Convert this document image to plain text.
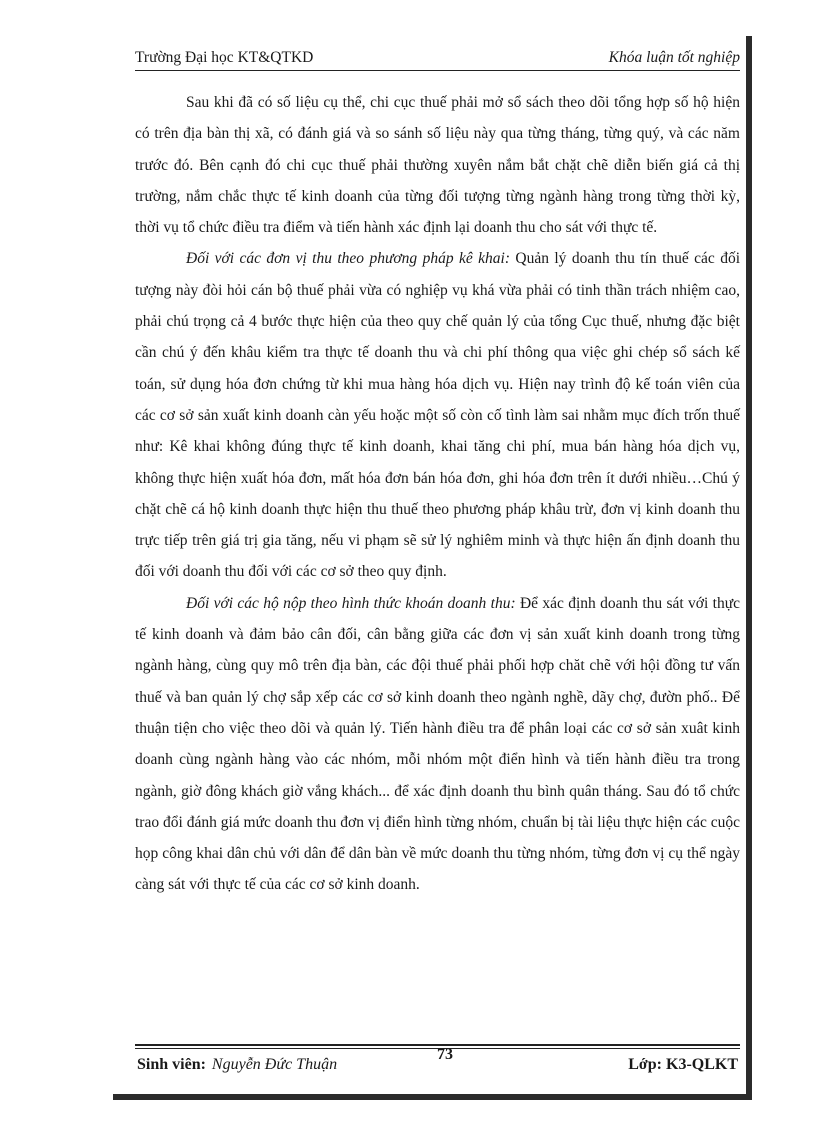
Trường Đại học KT&QTKD	Khóa luận tốt nghiệp

Sau khi đã có số liệu cụ thể, chi cục thuế phải mở sổ sách theo dõi tổng hợp số hộ hiện có trên địa bàn thị xã, có đánh giá và so sánh số liệu này qua từng tháng, từng quý, và các năm trước đó. Bên cạnh đó chi cục thuế phải thường xuyên nắm bắt chặt chẽ diễn biến giá cả thị trường, nắm chắc thực tế kinh doanh của từng đối tượng từng ngành hàng trong từng thời kỳ, thời vụ tổ chức điều tra điểm và tiến hành xác định lại doanh thu cho sát với thực tế.

Đối với các đơn vị thu theo phương pháp kê khai: Quản lý doanh thu tín thuế các đối tượng này đòi hỏi cán bộ thuế phải vừa có nghiệp vụ khá vừa phải có tinh thần trách nhiệm cao, phải chú trọng cả 4 bước thực hiện của theo quy chế quản lý của tổng Cục thuế, nhưng đặc biệt cần chú ý đến khâu kiểm tra thực tế doanh thu và chi phí thông qua việc ghi chép sổ sách kế toán, sử dụng hóa đơn chứng từ khi mua hàng hóa dịch vụ. Hiện nay trình độ kế toán viên của các cơ sở sản xuất kinh doanh càn yếu hoặc một số còn cố tình làm sai nhằm mục đích trốn thuế như: Kê khai không đúng thực tế kinh doanh, khai tăng chi phí, mua bán hàng hóa dịch vụ, không thực hiện xuất hóa đơn, mất hóa đơn bán hóa đơn, ghi hóa đơn trên ít dưới nhiều…Chú ý chặt chẽ cá hộ kinh doanh thực hiện thu thuế theo phương pháp khâu trừ, đơn vị kinh doanh thu trực tiếp trên giá trị gia tăng, nếu vi phạm sẽ sử lý nghiêm minh và thực hiện ấn định doanh thu đối với doanh thu đối với các cơ sở theo quy định.

Đối với các hộ nộp theo hình thức khoán doanh thu: Để xác định doanh thu sát với thực tế kinh doanh và đảm bảo cân đối, cân bằng giữa các đơn vị sản xuất kinh doanh trong từng ngành hàng, cùng quy mô trên địa bàn, các đội thuế phải phối hợp chăt chẽ với hội đồng tư vấn thuế và ban quản lý chợ sắp xếp các cơ sở kinh doanh theo ngành nghề, dãy chợ, đườn phố.. Để thuận tiện cho việc theo dõi và quản lý. Tiến hành điều tra để phân loại các cơ sở sản xuât kinh doanh cùng ngành hàng vào các nhóm, mỗi nhóm một điển hình và tiến hành điều tra trong ngành, giờ đông khách giờ vắng khách... để xác định doanh thu bình quân tháng. Sau đó tổ chức trao đổi đánh giá mức doanh thu đơn vị điển hình từng nhóm, chuẩn bị tài liệu thực hiện các cuộc họp công khai dân chủ với dân để dân bàn về mức doanh thu từng nhóm, từng đơn vị cụ thể ngày càng sát với thực tế của các cơ sở kinh doanh.

Sinh viên: Nguyễn Đức Thuận
73
Lớp: K3-QLKT
